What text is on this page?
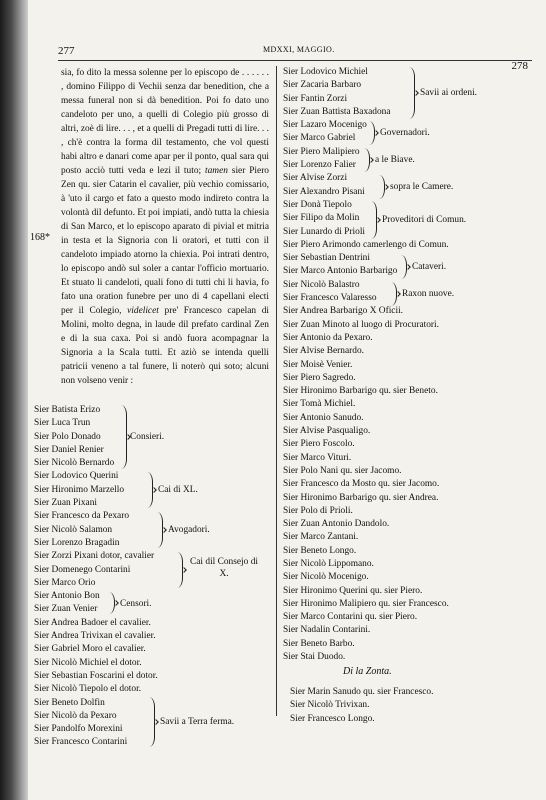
277	MDXXI, MAGGIO.
278

sia, fo dito la messa solenne per lo episcopo de . . . . . . , domino Filippo di Vechii senza dar benedition, che a messa funeral non si dà benedition. Poi fo dato uno candeloto per uno, a quelli di Colegio più grosso di altri, zoè di lire. . . , et a quelli di Pregadi tutti di lire. . . , ch'è contra la forma dil testamento, che vol questi habi altro e danari come apar per il ponto, qual sara qui posto acciò tutti veda e lezi il tuto; tamen sier Piero Zen qu. sier Catarin el cavalier, più vechio comissario, à 'uto il cargo et fato a questo modo indireto contra la volontà dil defunto. Et poi impiati, andò tutta la chiesia di San Marco, et lo episcopo aparato di pivial et mitria in testa et la Signoria con li oratori, et tutti con il candeloto impiado atorno la chiexia. Poi intrati dentro, lo episcopo andò sul soler a cantar l'officio mortuario. Et stuato li candeloti, quali fono di tutti chi li havia, fo fato una oration funebre per uno di 4 capellani electi per il Colegio, videlicet pre' Francesco capelan di Molini, molto degna, in laude dil prefato cardinal Zen e di la sua caxa. Poi si andò fuora acompagnar la Signoria a la Scala tutti. Et aziò se intenda quelli patricii veneno a tal funere, li noterò qui soto; alcuni non volseno venir :

168*
Sier Batista Erizo
Sier Luca Trun
Sier Polo Donado
Sier Daniel Renier
Sier Nicolò Bernardo
Sier Lodovico Querini
Sier Hironimo Marzello
Sier Zuan Pixani
Sier Francesco da Pexaro
Sier Nicolò Salamon
Sier Lorenzo Bragadin
Sier Zorzi Pixani dotor, cavalier
Sier Domenego Contarini
Sier Marco Orio
Sier Antonio Bon
Sier Zuan Venier
Sier Andrea Badoer el cavalier.
Sier Andrea Trivixan el cavalier.
Sier Gabriel Moro el cavalier.
Sier Nicolò Michiel el dotor.
Sier Sebastian Foscarini el dotor.
Sier Nicolò Tiepolo el dotor.
Sier Beneto Dolfin
Sier Nicolò da Pexaro
Sier Pandolfo Morexini
Sier Francesco Contarini
Consieri.
Cai di XL.
Avogadori.
Cai dil Consejo di X.
Censori.
Savii a Terra ferma.
Sier Lodovico Michiel
Sier Zacaria Barbaro
Sier Fantin Zorzi
Sier Zuan Battista Baxadona
Sier Lazaro Mocenigo
Sier Marco Gabriel
Sier Piero Malipiero
Sier Lorenzo Falier
Sier Alvise Zorzi
Sier Alexandro Pisani
Sier Donà Tiepolo
Sier Filipo da Molin
Sier Lunardo di Prioli
Sier Piero Arimondo camerlengo di Comun.
Sier Sebastian Dentrini
Sier Marco Antonio Barbarigo
Sier Nicolò Balastro
Sier Francesco Valaresso
Sier Andrea Barbarigo X Oficii.
Sier Zuan Minoto al luogo di Procuratori.
Sier Antonio da Pexaro.
Sier Alvise Bernardo.
Sier Moisè Venier.
Sier Piero Sagredo.
Sier Hironimo Barbarigo qu. sier Beneto.
Sier Tomà Michiel.
Sier Antonio Sanudo.
Sier Alvise Pasqualigo.
Sier Piero Foscolo.
Sier Marco Vituri.
Sier Polo Nani qu. sier Jacomo.
Sier Francesco da Mosto qu. sier Jacomo.
Sier Hironimo Barbarigo qu. sier Andrea.
Sier Polo di Prioli.
Sier Zuan Antonio Dandolo.
Sier Marco Zantani.
Sier Beneto Longo.
Sier Nicolò Lippomano.
Sier Nicolò Mocenigo.
Sier Hironimo Querini qu. sier Piero.
Sier Hironimo Malipiero qu. sier Francesco.
Sier Marco Contarini qu. sier Piero.
Sier Nadalin Contarini.
Sier Beneto Barbo.
Sier Stai Duodo.
Savii ai ordeni.
Governadori.
a le Biave.
sopra le Camere.
Proveditori di Comun.
Cataveri.
Raxon nuove.
Di la Zonta.
Sier Marin Sanudo qu. sier Francesco.
Sier Nicolò Trivixan.
Sier Francesco Longo.
